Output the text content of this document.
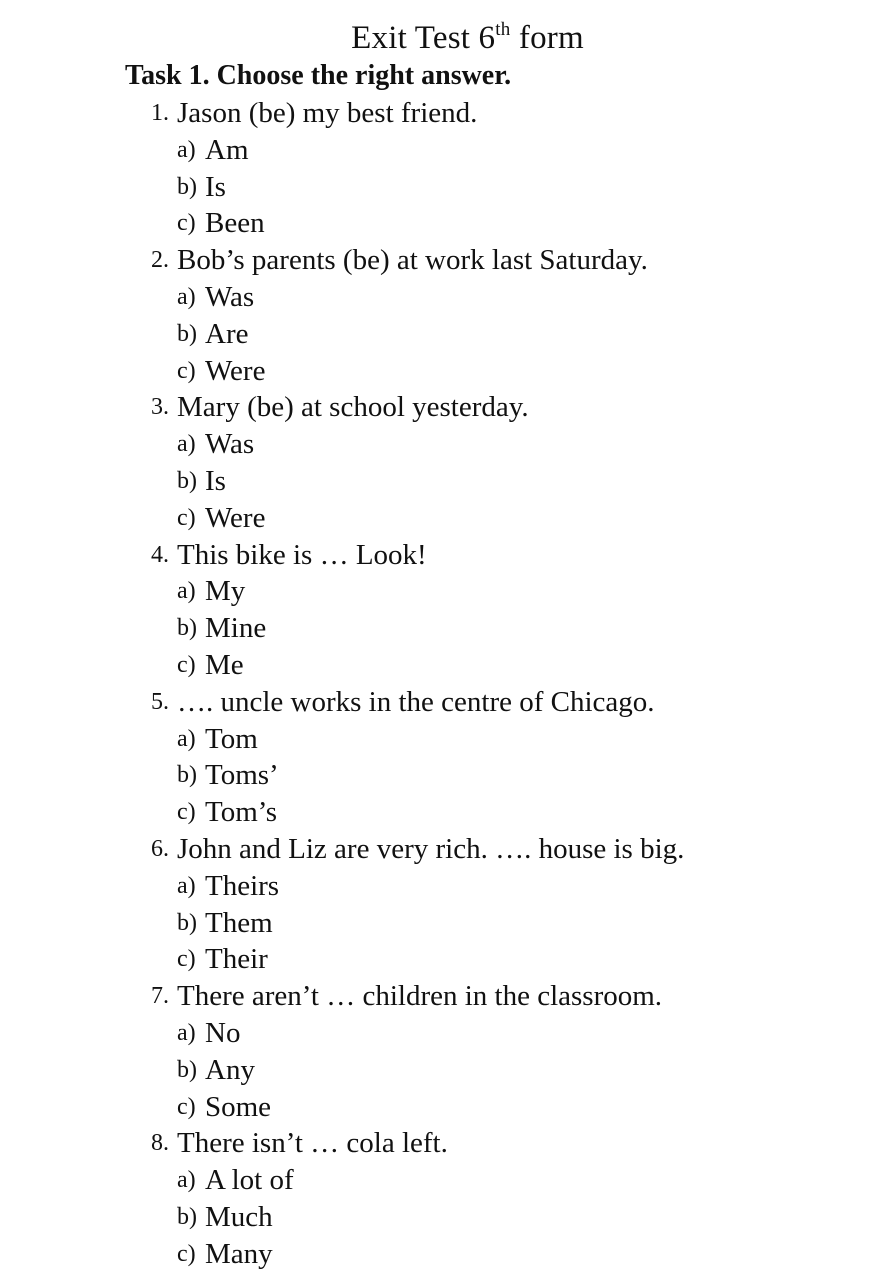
Exit Test 6th form
Task 1. Choose the right answer.
1. Jason (be) my best friend.
a) Am
b) Is
c) Been
2. Bob’s parents (be) at work last Saturday.
a) Was
b) Are
c) Were
3. Mary (be) at school yesterday.
a) Was
b) Is
c) Were
4. This bike is … Look!
a) My
b) Mine
c) Me
5. …. uncle works in the centre of Chicago.
a) Tom
b) Toms’
c) Tom’s
6. John and Liz are very rich. …. house is big.
a) Theirs
b) Them
c) Their
7. There aren’t … children in the classroom.
a) No
b) Any
c) Some
8. There isn’t … cola left.
a) A lot of
b) Much
c) Many
